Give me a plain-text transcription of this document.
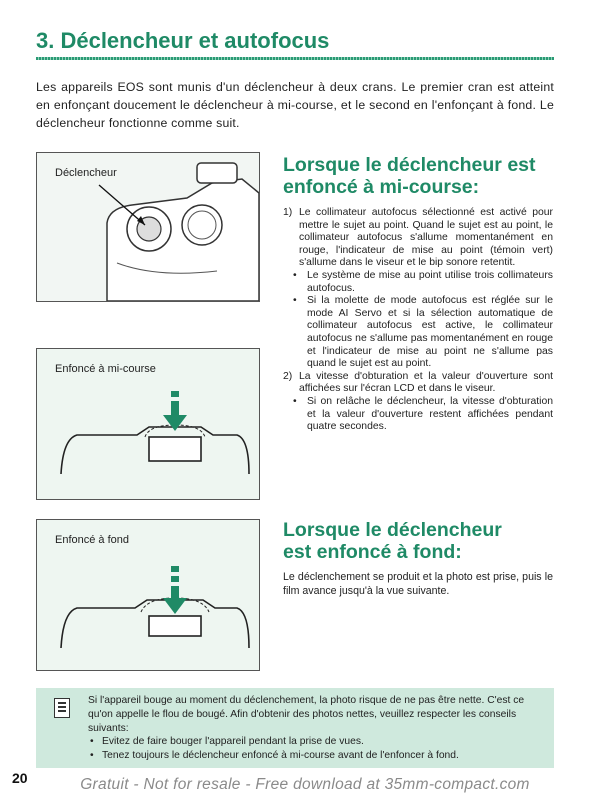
3. Déclencheur et autofocus
Les appareils EOS sont munis d'un déclencheur à deux crans. Le premier cran est atteint en enfonçant doucement le déclencheur à mi-course, et le second en l'enfonçant à fond. Le déclencheur fonctionne comme suit.
Déclencheur
Enfoncé à mi-course
Enfoncé à fond
Lorsque le déclencheur est
enfoncé à mi-course:
1) Le collimateur autofocus sélectionné est activé pour mettre le sujet au point. Quand le sujet est au point, le collimateur autofocus s'allume momentanément en rouge, l'indicateur de mise au point (témoin vert) s'allume dans le viseur et le bip sonore retentit.
• Le système de mise au point utilise trois collimateurs autofocus.
• Si la molette de mode autofocus est réglée sur le mode AI Servo et si la sélection automatique de collimateur autofocus est active, le collimateur autofocus ne s'allume pas momentanément en rouge et l'indicateur de mise au point ne s'allume pas quand le sujet est au point.
2) La vitesse d'obturation et la valeur d'ouverture sont affichées sur l'écran LCD et dans le viseur.
• Si on relâche le déclencheur, la vitesse d'obturation et la valeur d'ouverture restent affichées pendant quatre secondes.
Lorsque le déclencheur
est enfoncé à fond:
Le déclenchement se produit et la photo est prise, puis le film avance jusqu'à la vue suivante.
Si l'appareil bouge au moment du déclenchement, la photo risque de ne pas être nette. C'est ce qu'on appelle le flou de bougé. Afin d'obtenir des photos nettes, veuillez respecter les conseils suivants:
• Evitez de faire bouger l'appareil pendant la prise de vues.
• Tenez toujours le déclencheur enfoncé à mi-course avant de l'enfoncer à fond.
20	Gratuit - Not for resale - Free download at 35mm-compact.com
